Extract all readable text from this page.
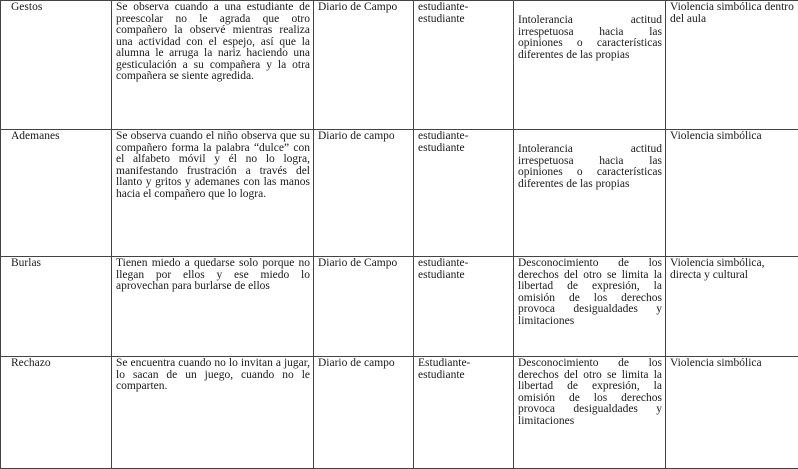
Gestos	Se observa cuando a una estudiante de preescolar no le agrada que otro compañero la observé mientras realiza una actividad con el espejo, así que la alumna le arruga la nariz haciendo una gesticulación a su compañera y la otra compañera se siente agredida.	Diario de Campo	estudiante-estudiante	Intolerancia actitud irrespetuosa hacia las opiniones o características diferentes de las propias	Violencia simbólica dentro del aula
Ademanes	Se observa cuando el niño observa que su compañero forma la palabra “dulce” con el alfabeto móvil y él no lo logra, manifestando frustración a través del llanto y gritos y ademanes con las manos hacia el compañero que lo logra.	Diario de campo	estudiante-estudiante	Intolerancia actitud irrespetuosa hacia las opiniones o características diferentes de las propias	Violencia simbólica
Burlas	Tienen miedo a quedarse solo porque no llegan por ellos y ese miedo lo aprovechan para burlarse de ellos	Diario de Campo	estudiante-estudiante	Desconocimiento de los derechos del otro se limita la libertad de expresión, la omisión de los derechos provoca desigualdades y limitaciones	Violencia simbólica, directa y cultural
Rechazo	Se encuentra cuando no lo invitan a jugar, lo sacan de un juego, cuando no le comparten.	Diario de campo	Estudiante-estudiante	Desconocimiento de los derechos del otro se limita la libertad de expresión, la omisión de los derechos provoca desigualdades y limitaciones	Violencia simbólica
